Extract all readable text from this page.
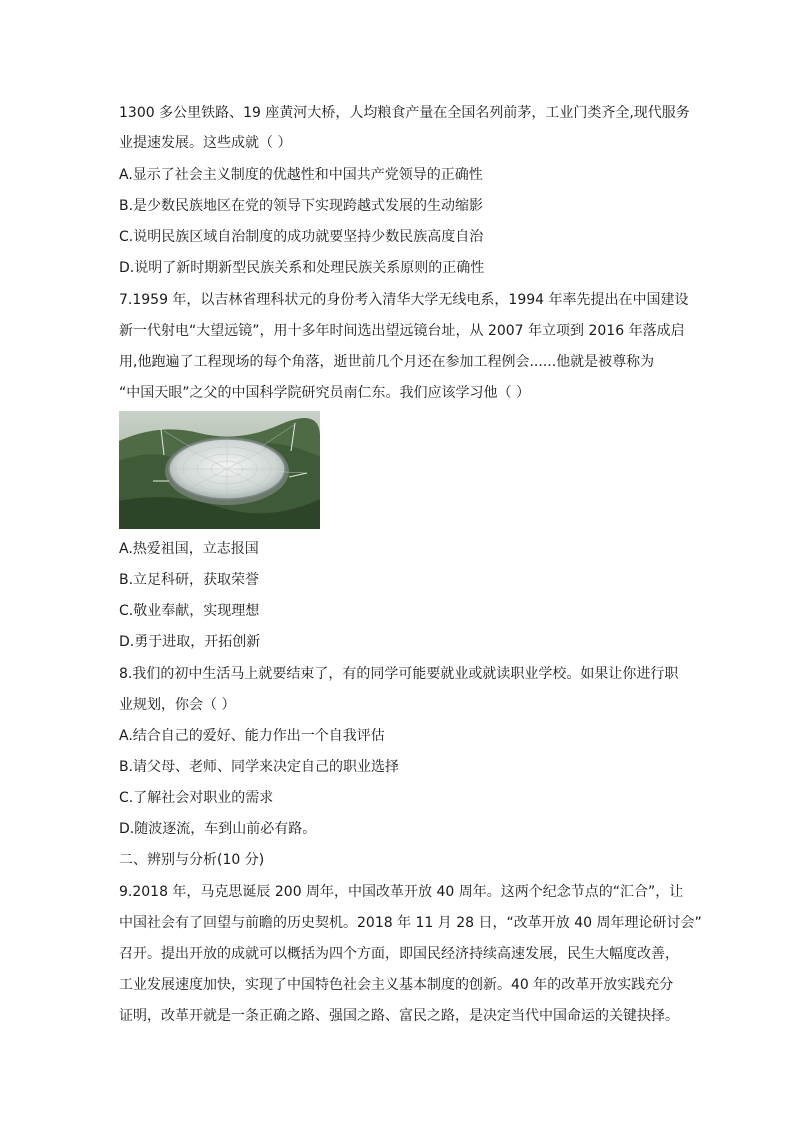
1300 多公里铁路、19 座黄河大桥，人均粮食产量在全国名列前茅，工业门类齐全,现代服务
业提速发展。这些成就（ ）
A.显示了社会主义制度的优越性和中国共产党领导的正确性
B.是少数民族地区在党的领导下实现跨越式发展的生动缩影
C.说明民族区域自治制度的成功就要坚持少数民族高度自治
D.说明了新时期新型民族关系和处理民族关系原则的正确性
7.1959 年，以吉林省理科状元的身份考入清华大学无线电系，1994 年率先提出在中国建设
新一代射电“大望远镜”，用十多年时间选出望远镜台址，从 2007 年立项到 2016 年落成启
用,他跑遍了工程现场的每个角落，逝世前几个月还在参加工程例会......他就是被尊称为
“中国天眼”之父的中国科学院研究员南仁东。我们应该学习他（ ）
A.热爱祖国，立志报国
B.立足科研，获取荣誉
C.敬业奉献，实现理想
D.勇于进取，开拓创新
8.我们的初中生活马上就要结束了，有的同学可能要就业或就读职业学校。如果让你进行职
业规划，你会（ ）
A.结合自己的爱好、能力作出一个自我评估
B.请父母、老师、同学来决定自己的职业选择
C.了解社会对职业的需求
D.随波逐流，车到山前必有路。
二、辨别与分析(10 分)
9.2018 年，马克思诞辰 200 周年，中国改革开放 40 周年。这两个纪念节点的“汇合”，让
中国社会有了回望与前瞻的历史契机。2018 年 11 月 28 日，“改革开放 40 周年理论研讨会”
召开。提出开放的成就可以概括为四个方面，即国民经济持续高速发展，民生大幅度改善，
工业发展速度加快，实现了中国特色社会主义基本制度的创新。40 年的改革开放实践充分
证明，改革开就是一条正确之路、强国之路、富民之路，是决定当代中国命运的关键抉择。
